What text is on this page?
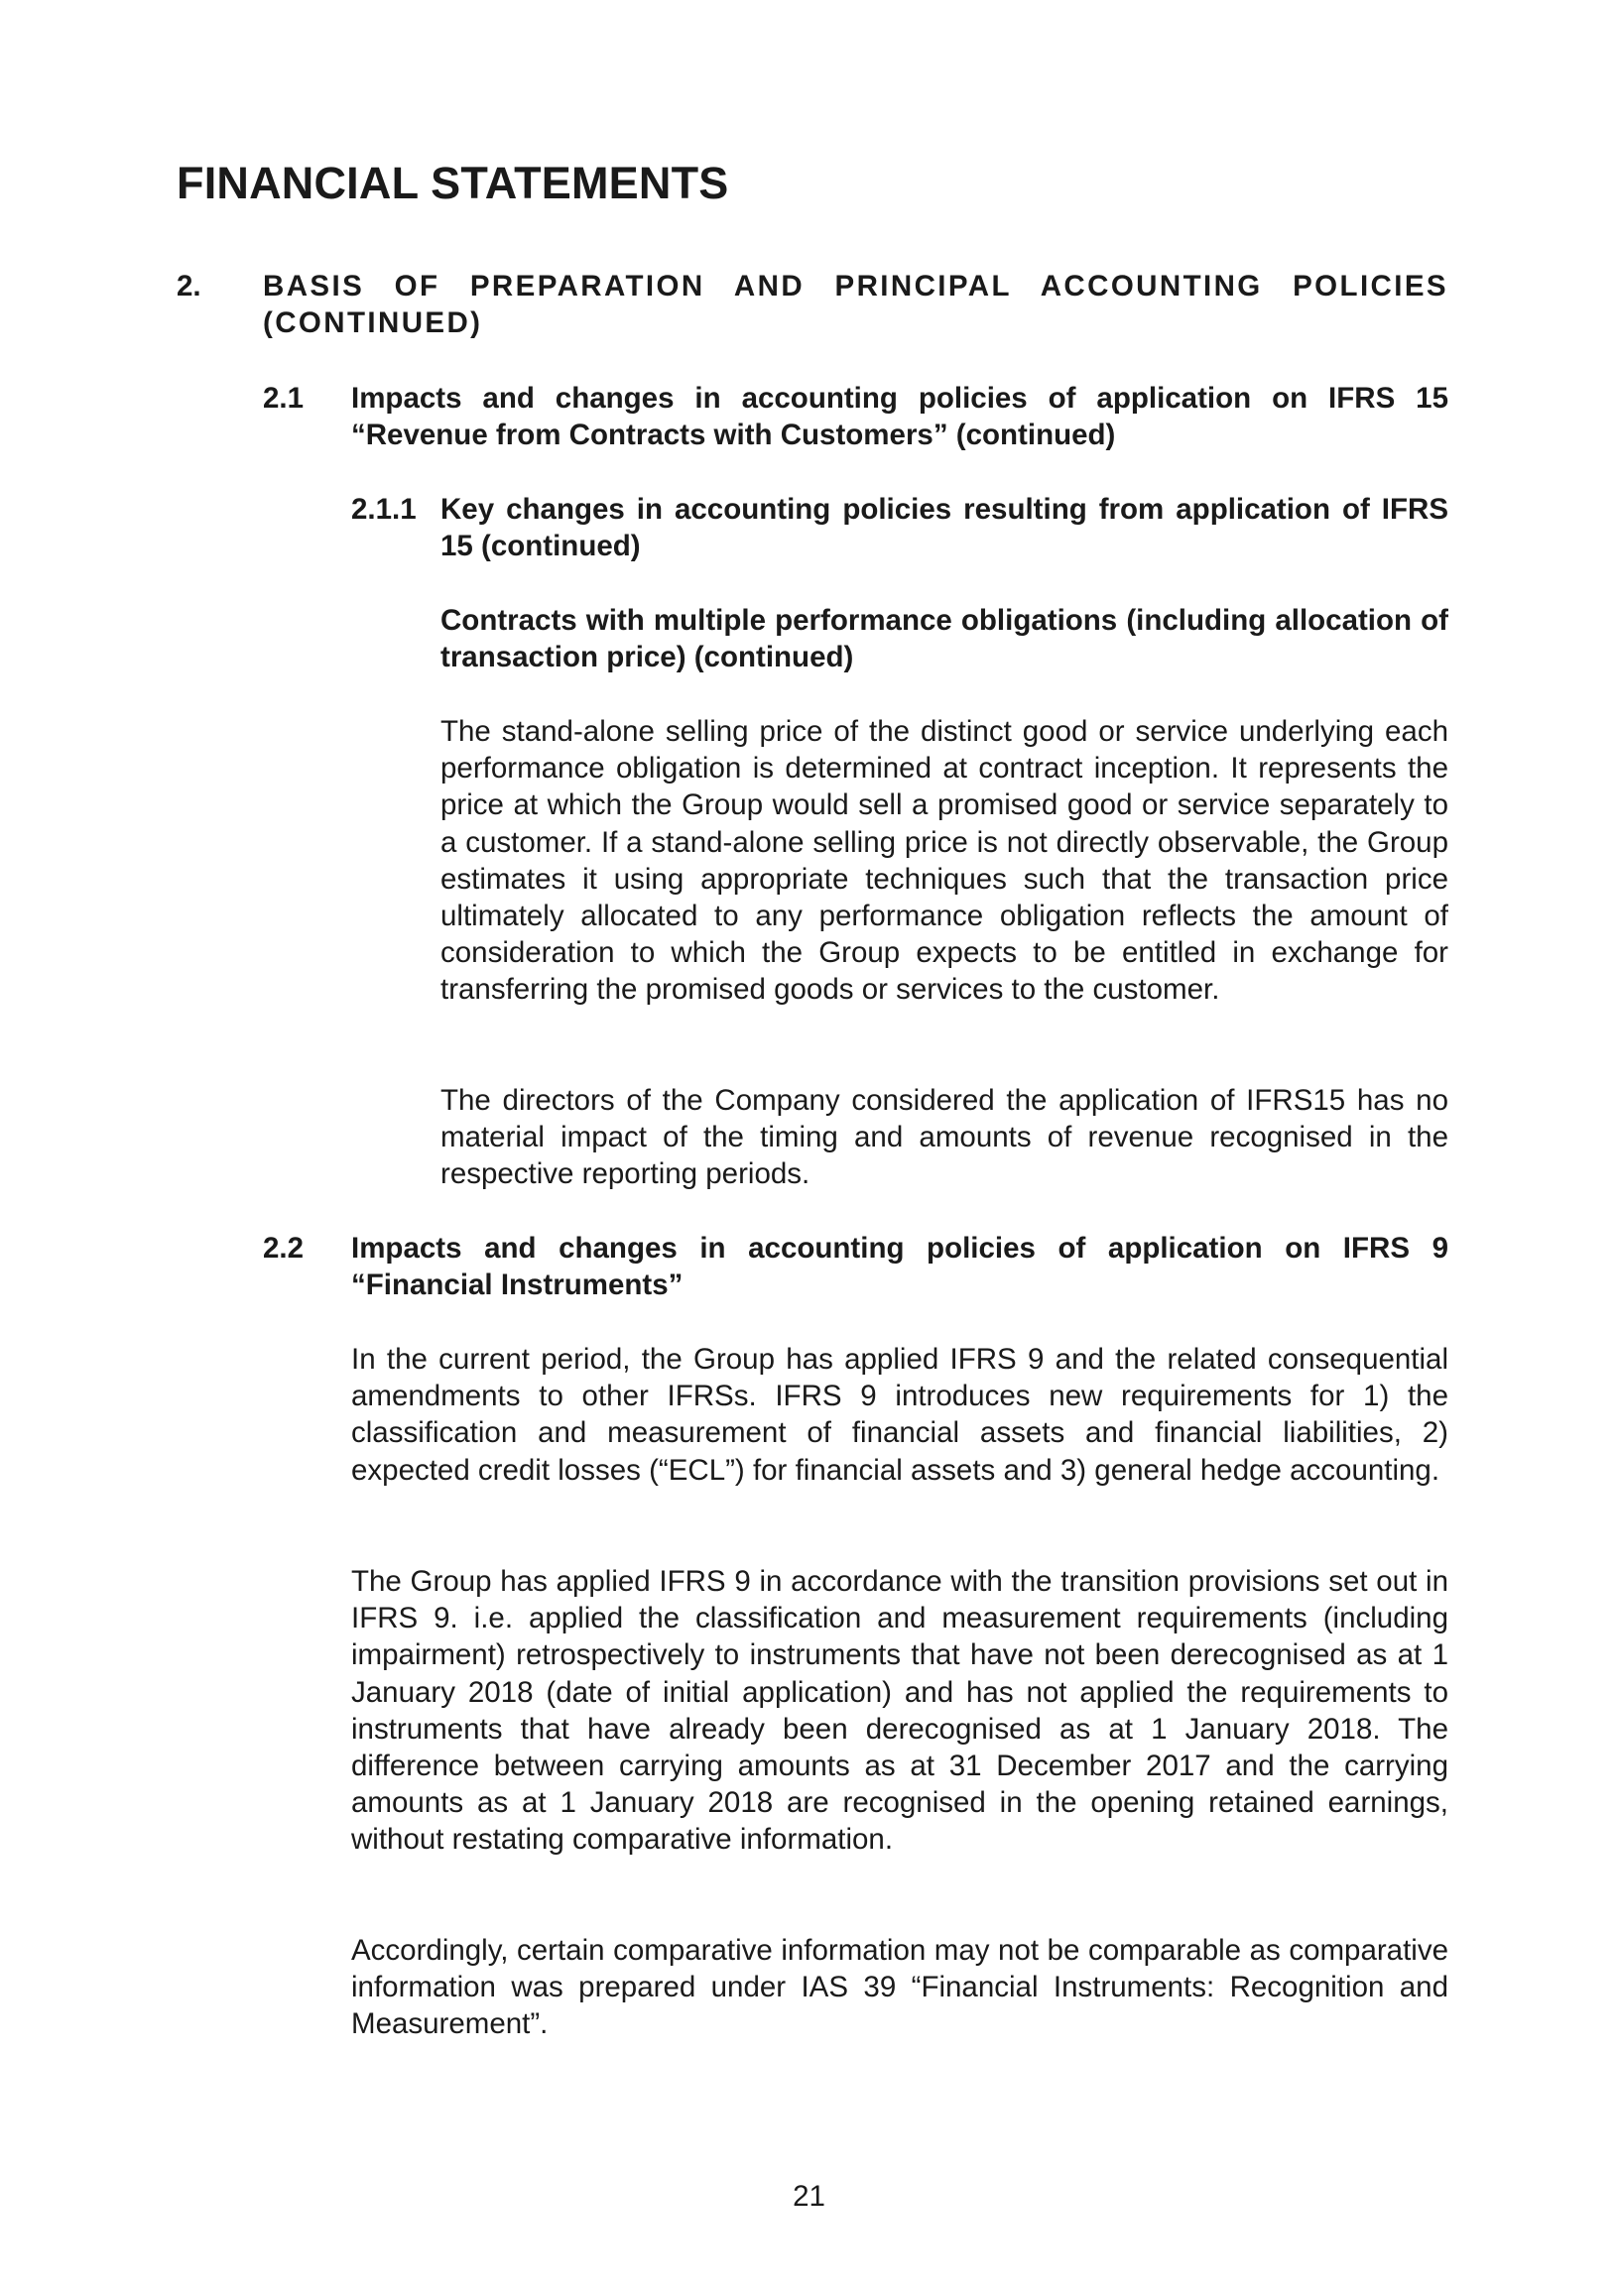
FINANCIAL STATEMENTS
2. BASIS OF PREPARATION AND PRINCIPAL ACCOUNTING POLICIES (CONTINUED)
2.1 Impacts and changes in accounting policies of application on IFRS 15 “Revenue from Contracts with Customers” (continued)
2.1.1 Key changes in accounting policies resulting from application of IFRS 15 (continued)

Contracts with multiple performance obligations (including allocation of transaction price) (continued)

The stand-alone selling price of the distinct good or service underlying each performance obligation is determined at contract inception. It represents the price at which the Group would sell a promised good or service separately to a customer. If a stand-alone selling price is not directly observable, the Group estimates it using appropriate techniques such that the transaction price ultimately allocated to any performance obligation reflects the amount of consideration to which the Group expects to be entitled in exchange for transferring the promised goods or services to the customer.

The directors of the Company considered the application of IFRS15 has no material impact of the timing and amounts of revenue recognised in the respective reporting periods.

2.2 Impacts and changes in accounting policies of application on IFRS 9 “Financial Instruments”

In the current period, the Group has applied IFRS 9 and the related consequential amendments to other IFRSs. IFRS 9 introduces new requirements for 1) the classification and measurement of financial assets and financial liabilities, 2) expected credit losses (“ECL”) for financial assets and 3) general hedge accounting.

The Group has applied IFRS 9 in accordance with the transition provisions set out in IFRS 9. i.e. applied the classification and measurement requirements (including impairment) retrospectively to instruments that have not been derecognised as at 1 January 2018 (date of initial application) and has not applied the requirements to instruments that have already been derecognised as at 1 January 2018. The difference between carrying amounts as at 31 December 2017 and the carrying amounts as at 1 January 2018 are recognised in the opening retained earnings, without restating comparative information.

Accordingly, certain comparative information may not be comparable as comparative information was prepared under IAS 39 “Financial Instruments: Recognition and Measurement”.

21
